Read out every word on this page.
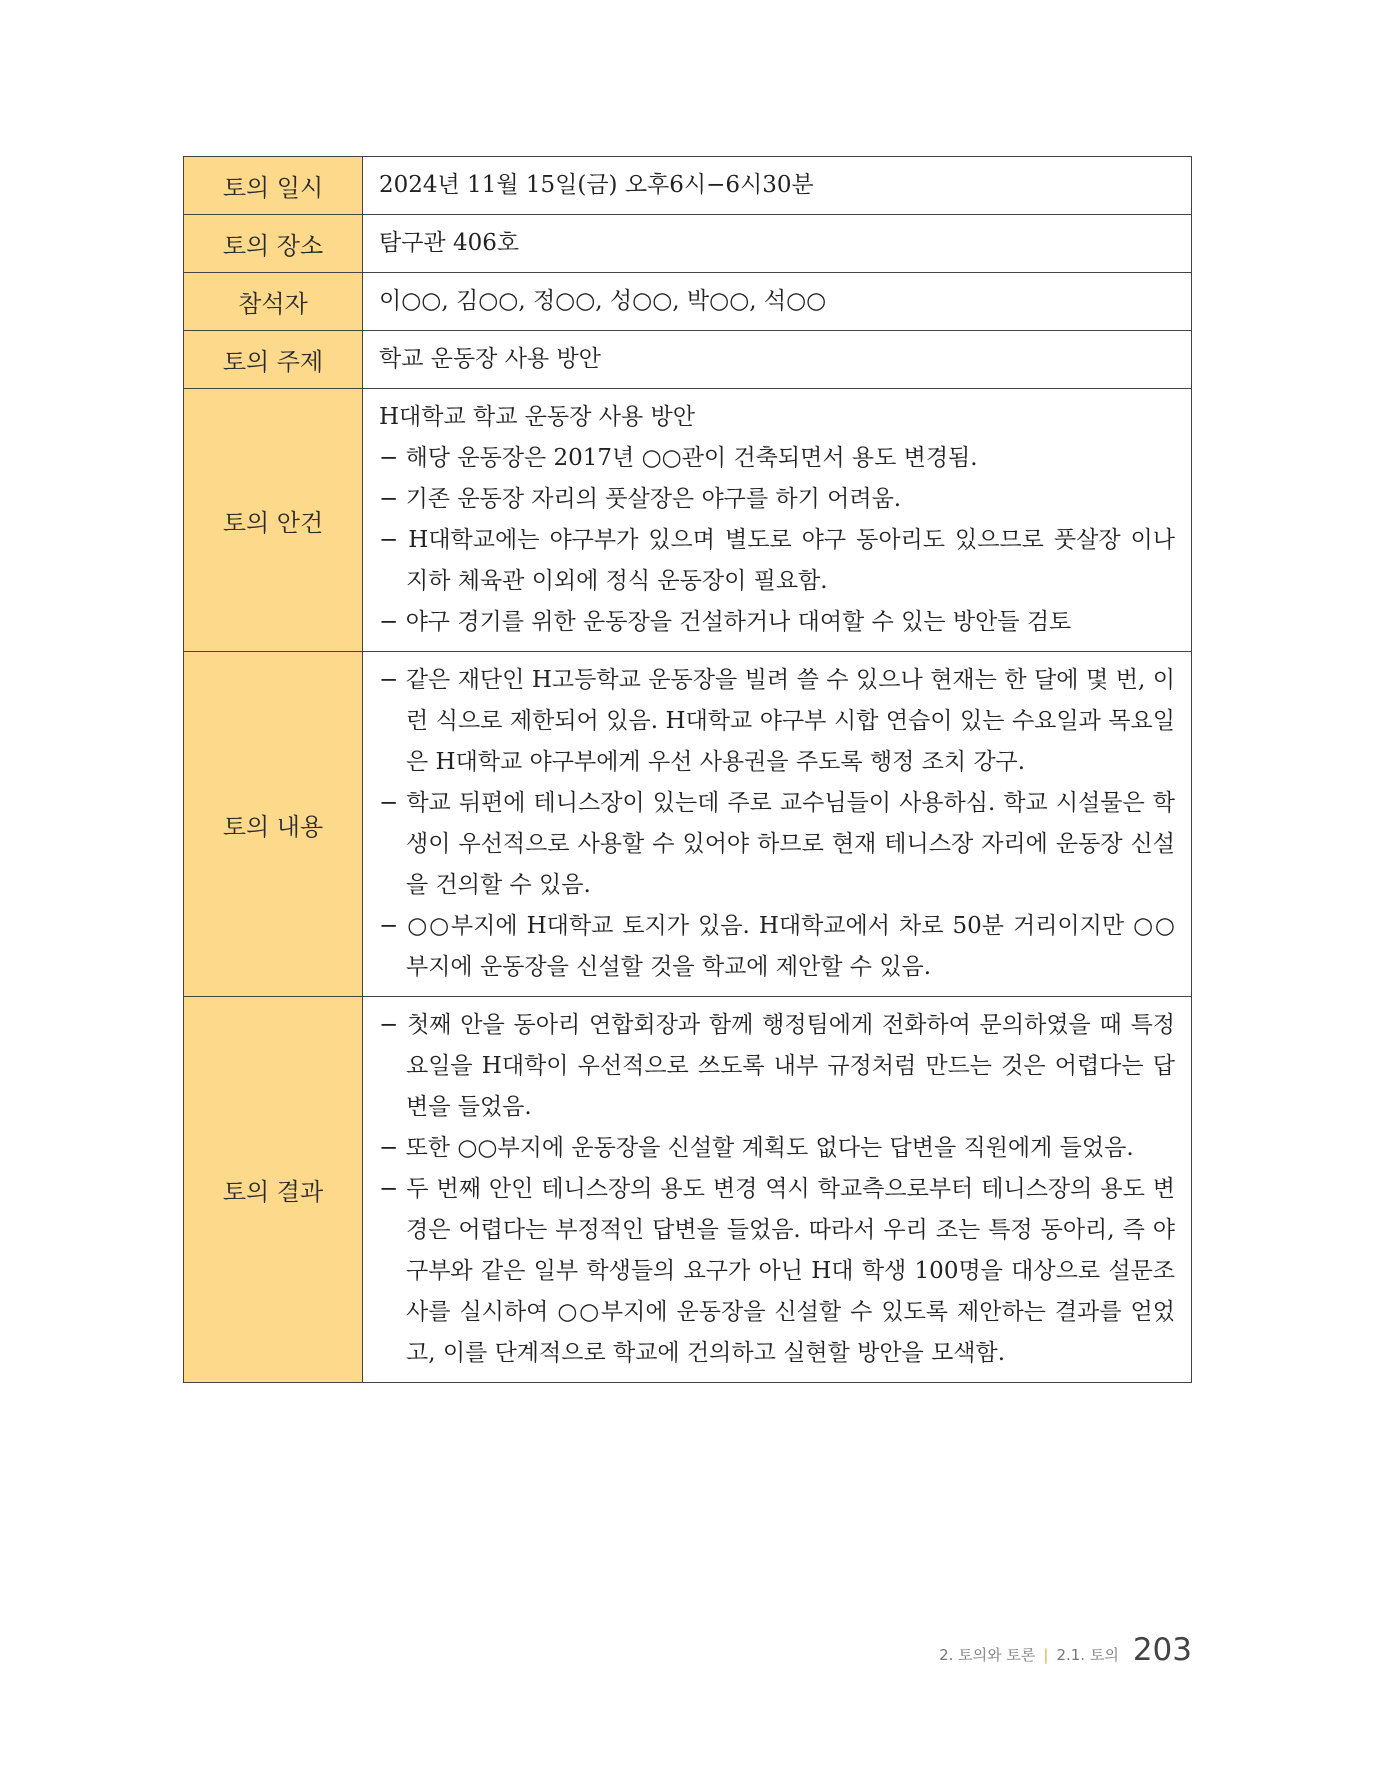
토의 일시	2024년 11월 15일(금) 오후6시−6시30분

토의 장소	탐구관 406호

참석자	이○○, 김○○, 정○○, 성○○, 박○○, 석○○

토의 주제	학교 운동장 사용 방안

토의 안건	H대학교 학교 운동장 사용 방안
− 해당 운동장은 2017년 ○○관이 건축되면서 용도 변경됨.
− 기존 운동장 자리의 풋살장은 야구를 하기 어려움.
− H대학교에는 야구부가 있으며 별도로 야구 동아리도 있으므로 풋살장 이나 지하 체육관 이외에 정식 운동장이 필요함.
− 야구 경기를 위한 운동장을 건설하거나 대여할 수 있는 방안들 검토

토의 내용	− 같은 재단인 H고등학교 운동장을 빌려 쓸 수 있으나 현재는 한 달에 몇 번, 이런 식으로 제한되어 있음. H대학교 야구부 시합 연습이 있는 수요일과 목요일은 H대학교 야구부에게 우선 사용권을 주도록 행정 조치 강구.
− 학교 뒤편에 테니스장이 있는데 주로 교수님들이 사용하심. 학교 시설물은 학생이 우선적으로 사용할 수 있어야 하므로 현재 테니스장 자리에 운동장 신설을 건의할 수 있음.
− ○○부지에 H대학교 토지가 있음. H대학교에서 차로 50분 거리이지만 ○○부지에 운동장을 신설할 것을 학교에 제안할 수 있음.

토의 결과	− 첫째 안을 동아리 연합회장과 함께 행정팀에게 전화하여 문의하였을 때 특정 요일을 H대학이 우선적으로 쓰도록 내부 규정처럼 만드는 것은 어렵다는 답변을 들었음.
− 또한 ○○부지에 운동장을 신설할 계획도 없다는 답변을 직원에게 들었음.
− 두 번째 안인 테니스장의 용도 변경 역시 학교측으로부터 테니스장의 용도 변경은 어렵다는 부정적인 답변을 들었음. 따라서 우리 조는 특정 동아리, 즉 야구부와 같은 일부 학생들의 요구가 아닌 H대 학생 100명을 대상으로 설문조사를 실시하여 ○○부지에 운동장을 신설할 수 있도록 제안하는 결과를 얻었고, 이를 단계적으로 학교에 건의하고 실현할 방안을 모색함.
2. 토의와 토론 | 2.1. 토의 203
